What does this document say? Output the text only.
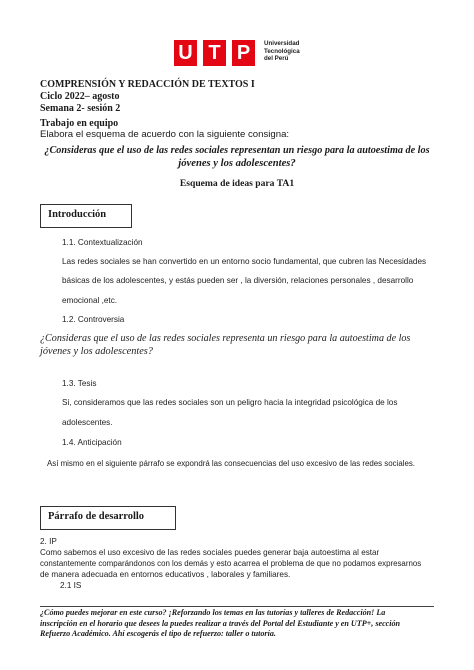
U T P	Universidad
Tecnológica
del Perú
COMPRENSIÓN Y REDACCIÓN DE TEXTOS I
Ciclo 2022– agosto
Semana 2- sesión 2
Trabajo en equipo
Elabora el esquema de acuerdo con la siguiente consigna:
¿Consideras que el uso de las redes sociales representan un riesgo para la autoestima de los
jóvenes y los adolescentes?
Esquema de ideas para TA1
Introducción
1.1. Contextualización
Las redes sociales se han convertido en un entorno socio fundamental, que cubren las Necesidades
básicas de los adolescentes, y estás pueden ser , la diversión, relaciones personales , desarrollo
emocional ,etc.
1.2. Controversia
¿Consideras que el uso de las redes sociales representa un riesgo para la autoestima de los
jóvenes y los adolescentes?
1.3. Tesis
Si, consideramos que las redes sociales son un peligro hacia la integridad psicológica de los
adolescentes.
1.4. Anticipación
Así mismo en el siguiente párrafo se expondrá las consecuencias del uso excesivo de las redes sociales.
Párrafo de desarrollo
2. IP
Como sabemos el uso excesivo de las redes sociales puedes generar baja autoestima al estar
constantemente comparándonos con los demás y esto acarrea el problema de que no podamos expresarnos
de manera adecuada en entornos educativos , laborales y familiares.
2.1 IS
¿Cómo puedes mejorar en este curso? ¡Reforzando los temas en las tutorías y talleres de Redacción! La
inscripción en el horario que desees la puedes realizar a través del Portal del Estudiante y en UTP+, sección
Refuerzo Académico. Ahí escogerás el tipo de refuerzo: taller o tutoría.
